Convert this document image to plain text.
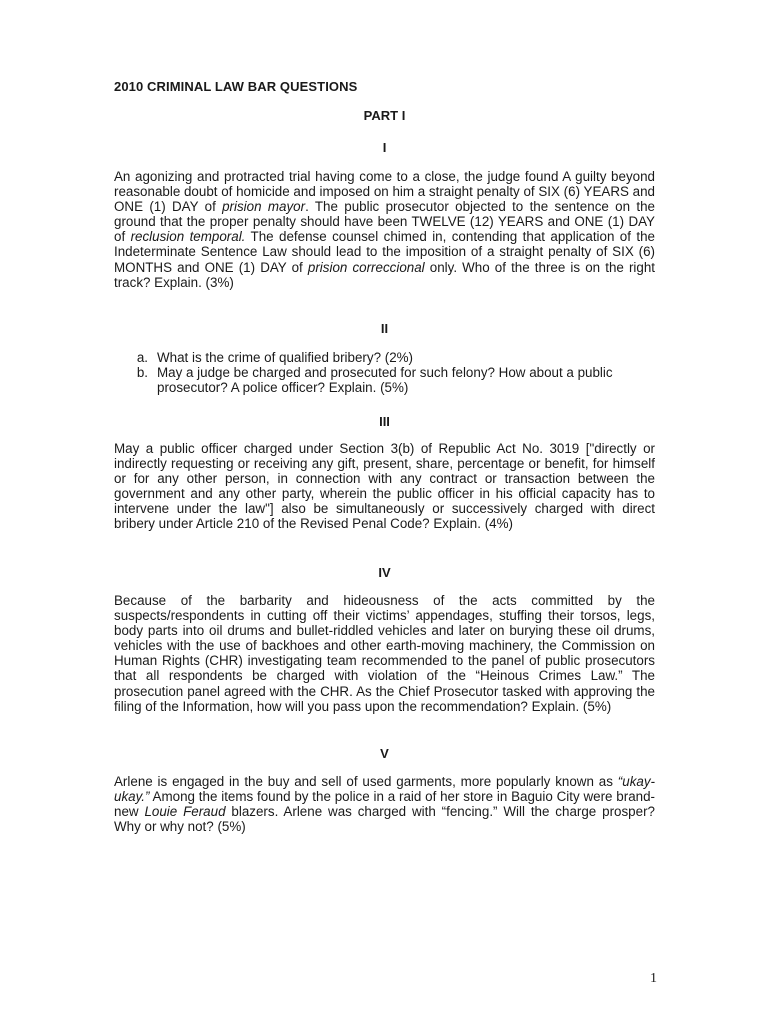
2010 CRIMINAL LAW BAR QUESTIONS
PART I
I

An agonizing and protracted trial having come to a close, the judge found A guilty beyond reasonable doubt of homicide and imposed on him a straight penalty of SIX (6) YEARS and ONE (1) DAY of prision mayor. The public prosecutor objected to the sentence on the ground that the proper penalty should have been TWELVE (12) YEARS and ONE (1) DAY of reclusion temporal. The defense counsel chimed in, contending that application of the Indeterminate Sentence Law should lead to the imposition of a straight penalty of SIX (6) MONTHS and ONE (1) DAY of prision correccional only. Who of the three is on the right track? Explain. (3%)

II
a. What is the crime of qualified bribery? (2%)
b. May a judge be charged and prosecuted for such felony? How about a public prosecutor? A police officer? Explain. (5%)
III

May a public officer charged under Section 3(b) of Republic Act No. 3019 ["directly or indirectly requesting or receiving any gift, present, share, percentage or benefit, for himself or for any other person, in connection with any contract or transaction between the government and any other party, wherein the public officer in his official capacity has to intervene under the law"] also be simultaneously or successively charged with direct bribery under Article 210 of the Revised Penal Code? Explain. (4%)

IV

Because of the barbarity and hideousness of the acts committed by the suspects/respondents in cutting off their victims’ appendages, stuffing their torsos, legs, body parts into oil drums and bullet-riddled vehicles and later on burying these oil drums, vehicles with the use of backhoes and other earth-moving machinery, the Commission on Human Rights (CHR) investigating team recommended to the panel of public prosecutors that all respondents be charged with violation of the “Heinous Crimes Law.” The prosecution panel agreed with the CHR. As the Chief Prosecutor tasked with approving the filing of the Information, how will you pass upon the recommendation? Explain. (5%)

V

Arlene is engaged in the buy and sell of used garments, more popularly known as “ukay-ukay.” Among the items found by the police in a raid of her store in Baguio City were brand-new Louie Feraud blazers. Arlene was charged with “fencing.” Will the charge prosper? Why or why not? (5%)

1
